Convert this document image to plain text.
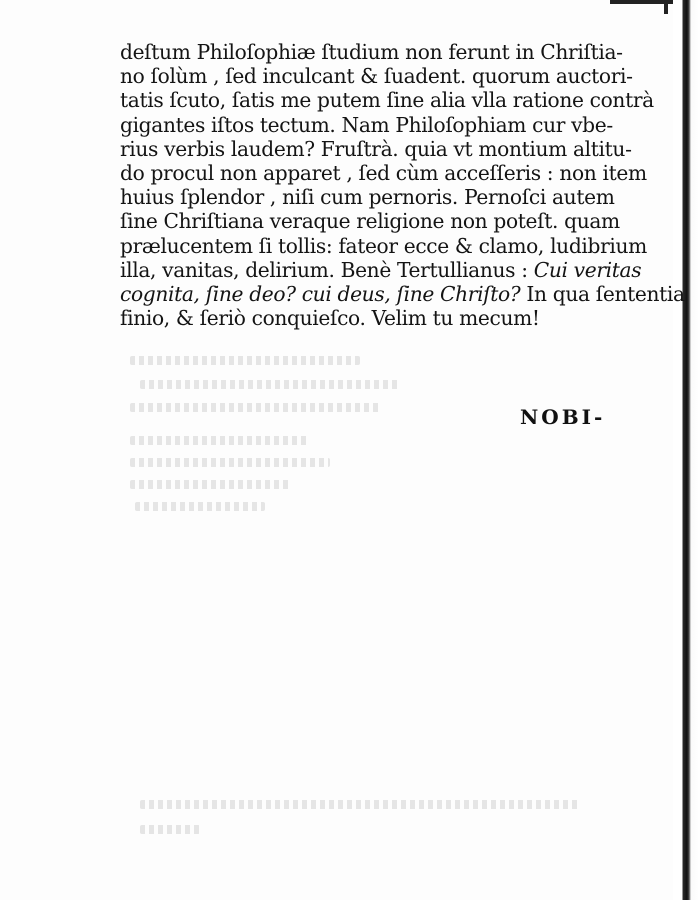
deſtum Philoſophiæ ſtudium non ferunt in Chriſtia-
no ſolùm , ſed inculcant & ſuadent. quorum auctori-
tatis ſcuto, ſatis me putem ſine alia vlla ratione contrà
gigantes iſtos tectum. Nam Philoſophiam cur vbe-
rius verbis laudem? Fruſtrà. quia vt montium altitu-
do procul non apparet , ſed cùm acceſſeris : non item
huius ſplendor , niſi cum pernoris. Pernoſci autem
ſine Chriſtiana veraque religione non poteſt. quam
prælucentem ſi tollis: fateor ecce & clamo, ludibrium
illa, vanitas, delirium. Benè Tertullianus : Cui veritas
cognita, ſine deo? cui deus, ſine Chriſto? In qua ſententia
finio, & ſeriò conquieſco. Velim tu mecum!
NOBI-
